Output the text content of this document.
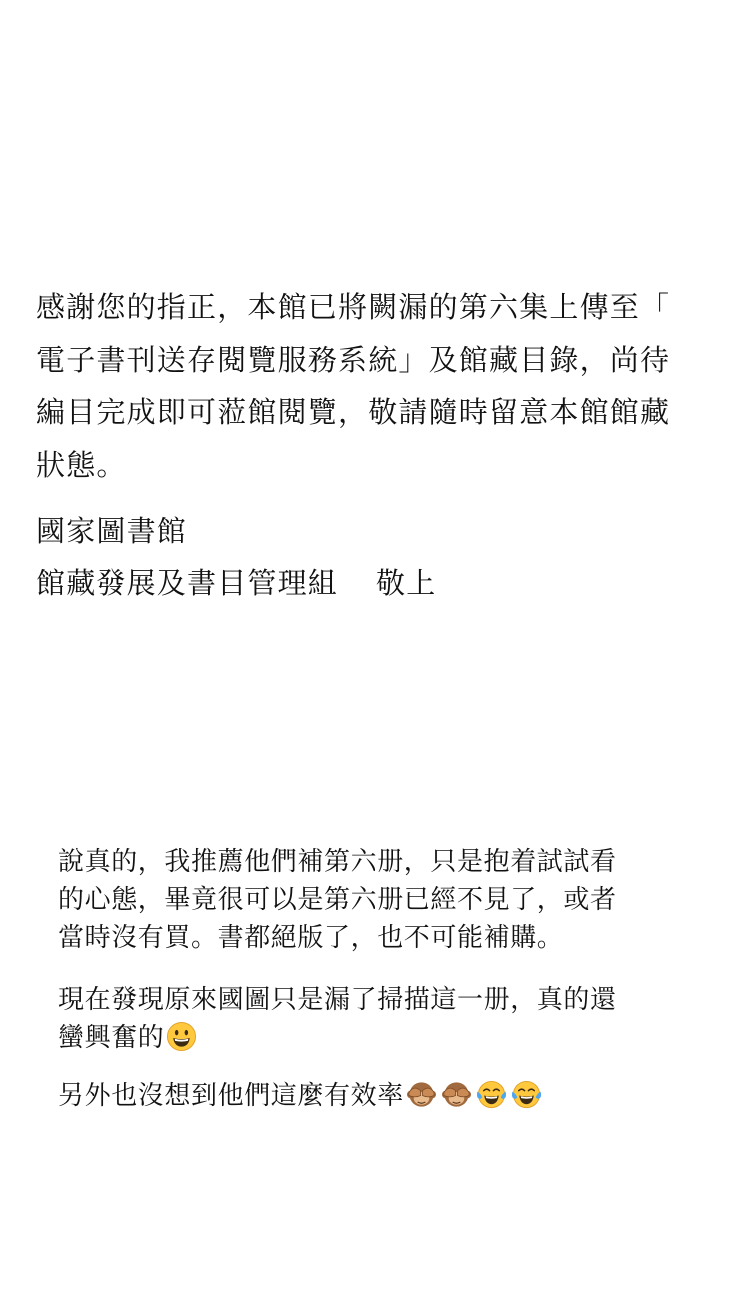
感謝您的指正，本館已將闕漏的第六集上傳至「
電子書刊送存閱覽服務系統」及館藏目錄，尚待
編目完成即可蒞館閱覽，敬請隨時留意本館館藏
狀態。
國家圖書館
館藏發展及書目管理組 敬上
說真的，我推薦他們補第六册，只是抱着試試看
的心態，畢竟很可以是第六册已經不見了，或者
當時沒有買。書都絕版了，也不可能補購。
現在發現原來國圖只是漏了掃描這一册，真的還
蠻興奮的
另外也沒想到他們這麼有效率
